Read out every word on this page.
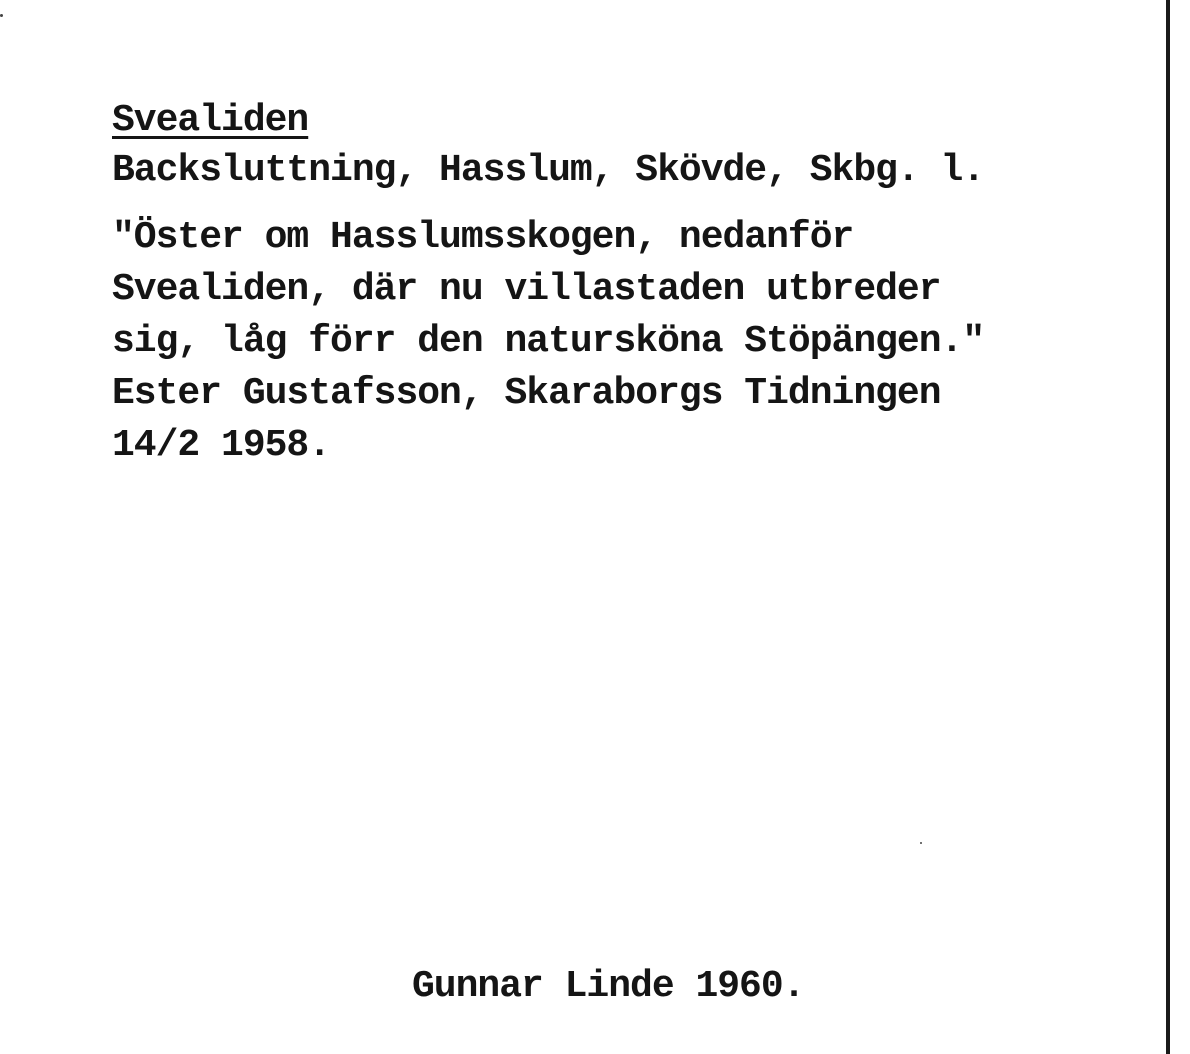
Svealiden

Backsluttning, Hasslum, Skövde, Skbg. l.

"Öster om Hasslumsskogen, nedanför
Svealiden, där nu villastaden utbreder
sig, låg förr den natursköna Stöpängen."
Ester Gustafsson, Skaraborgs Tidningen
14/2 1958.

Gunnar Linde 1960.
